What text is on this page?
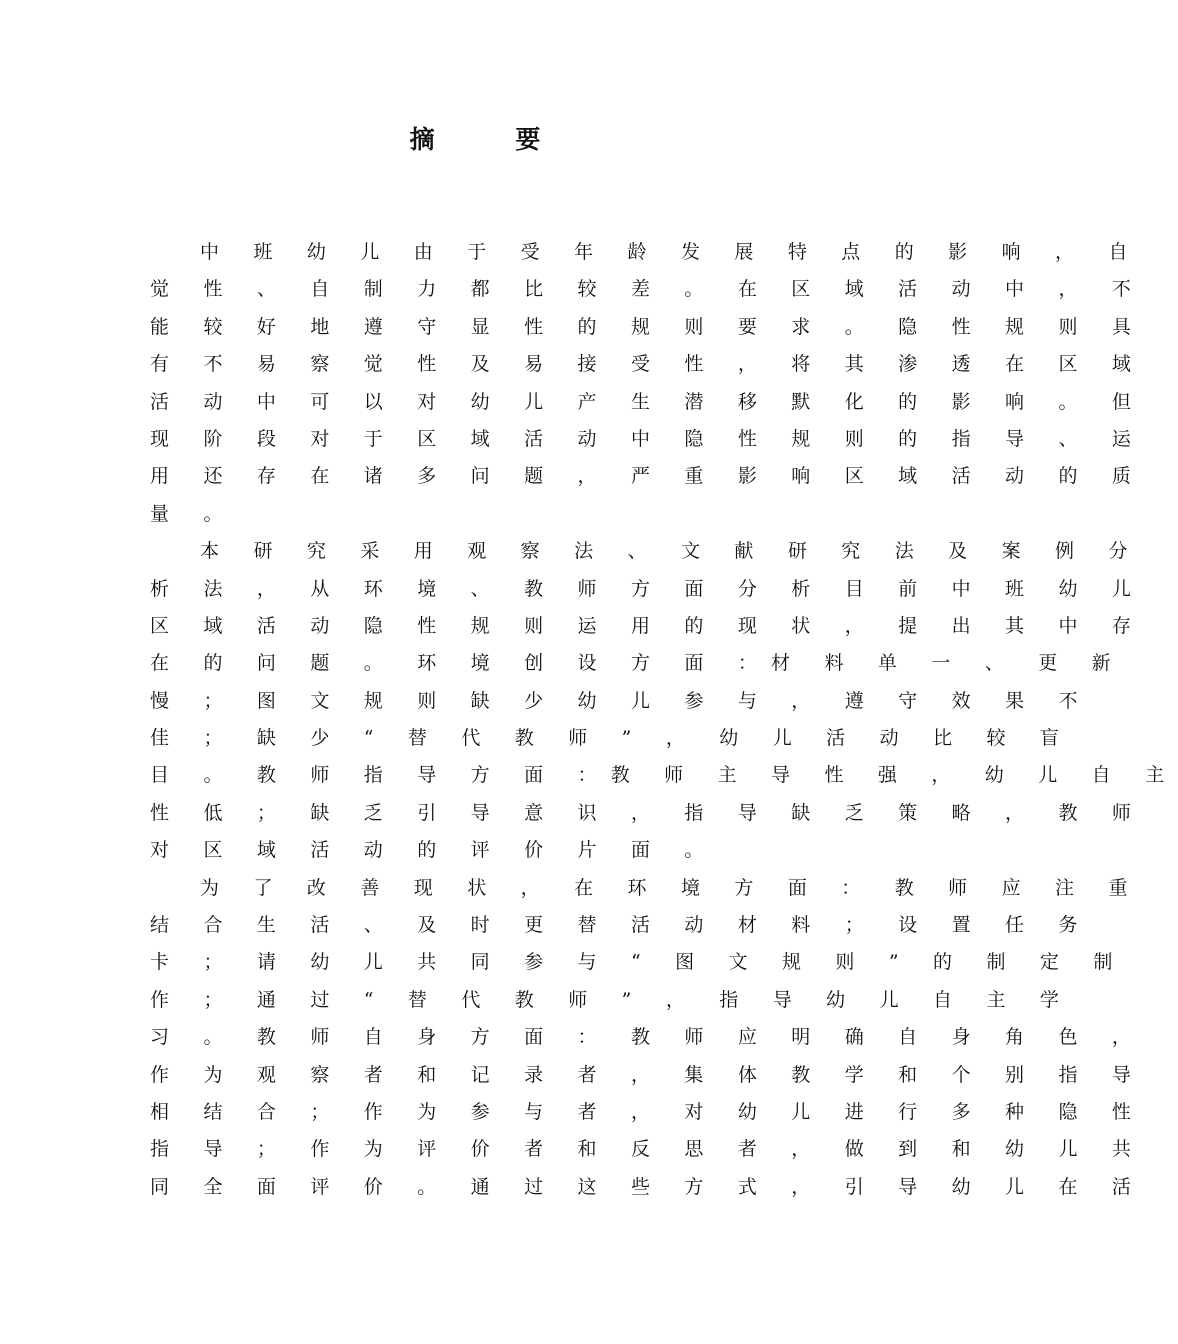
摘 要
中 班 幼 儿 由 于 受 年 龄 发 展 特 点 的 影 响 ， 自
觉 性 、 自 制 力 都 比 较 差 。 在 区 域 活 动 中 ， 不
能 较 好 地 遵 守 显 性 的 规 则 要 求 。 隐 性 规 则 具
有 不 易 察 觉 性 及 易 接 受 性 ， 将 其 渗 透 在 区 域
活 动 中 可 以 对 幼 儿 产 生 潜 移 默 化 的 影 响 。 但
现 阶 段 对 于 区 域 活 动 中 隐 性 规 则 的 指 导 、 运
用 还 存 在 诸 多 问 题 ， 严 重 影 响 区 域 活 动 的 质
量 。
本 研 究 采 用 观 察 法 、 文 献 研 究 法 及 案 例 分
析 法 ， 从 环 境 、 教 师 方 面 分 析 目 前 中 班 幼 儿
区 域 活 动 隐 性 规 则 运 用 的 现 状 ， 提 出 其 中 存
在 的 问 题 。 环 境 创 设 方 面 ：材 料 单 一 、 更 新
慢 ； 图 文 规 则 缺 少 幼 儿 参 与 ， 遵 守 效 果 不
佳 ； 缺 少 “ 替 代 教 师 ” ， 幼 儿 活 动 比 较 盲
目 。 教 师 指 导 方 面 ：教 师 主 导 性 强 ， 幼 儿 自 主
性 低 ； 缺 乏 引 导 意 识 ， 指 导 缺 乏 策 略 ， 教 师
对 区 域 活 动 的 评 价 片 面 。
为 了 改 善 现 状 ， 在 环 境 方 面 ： 教 师 应 注 重
结 合 生 活 、 及 时 更 替 活 动 材 料 ； 设 置 任 务
卡 ； 请 幼 儿 共 同 参 与 “ 图 文 规 则 ” 的 制 定 制
作 ； 通 过 “ 替 代 教 师 ” ， 指 导 幼 儿 自 主 学
习 。 教 师 自 身 方 面 ： 教 师 应 明 确 自 身 角 色 ，
作 为 观 察 者 和 记 录 者 ， 集 体 教 学 和 个 别 指 导
相 结 合 ； 作 为 参 与 者 ， 对 幼 儿 进 行 多 种 隐 性
指 导 ； 作 为 评 价 者 和 反 思 者 ， 做 到 和 幼 儿 共
同 全 面 评 价 。 通 过 这 些 方 式 ， 引 导 幼 儿 在 活
